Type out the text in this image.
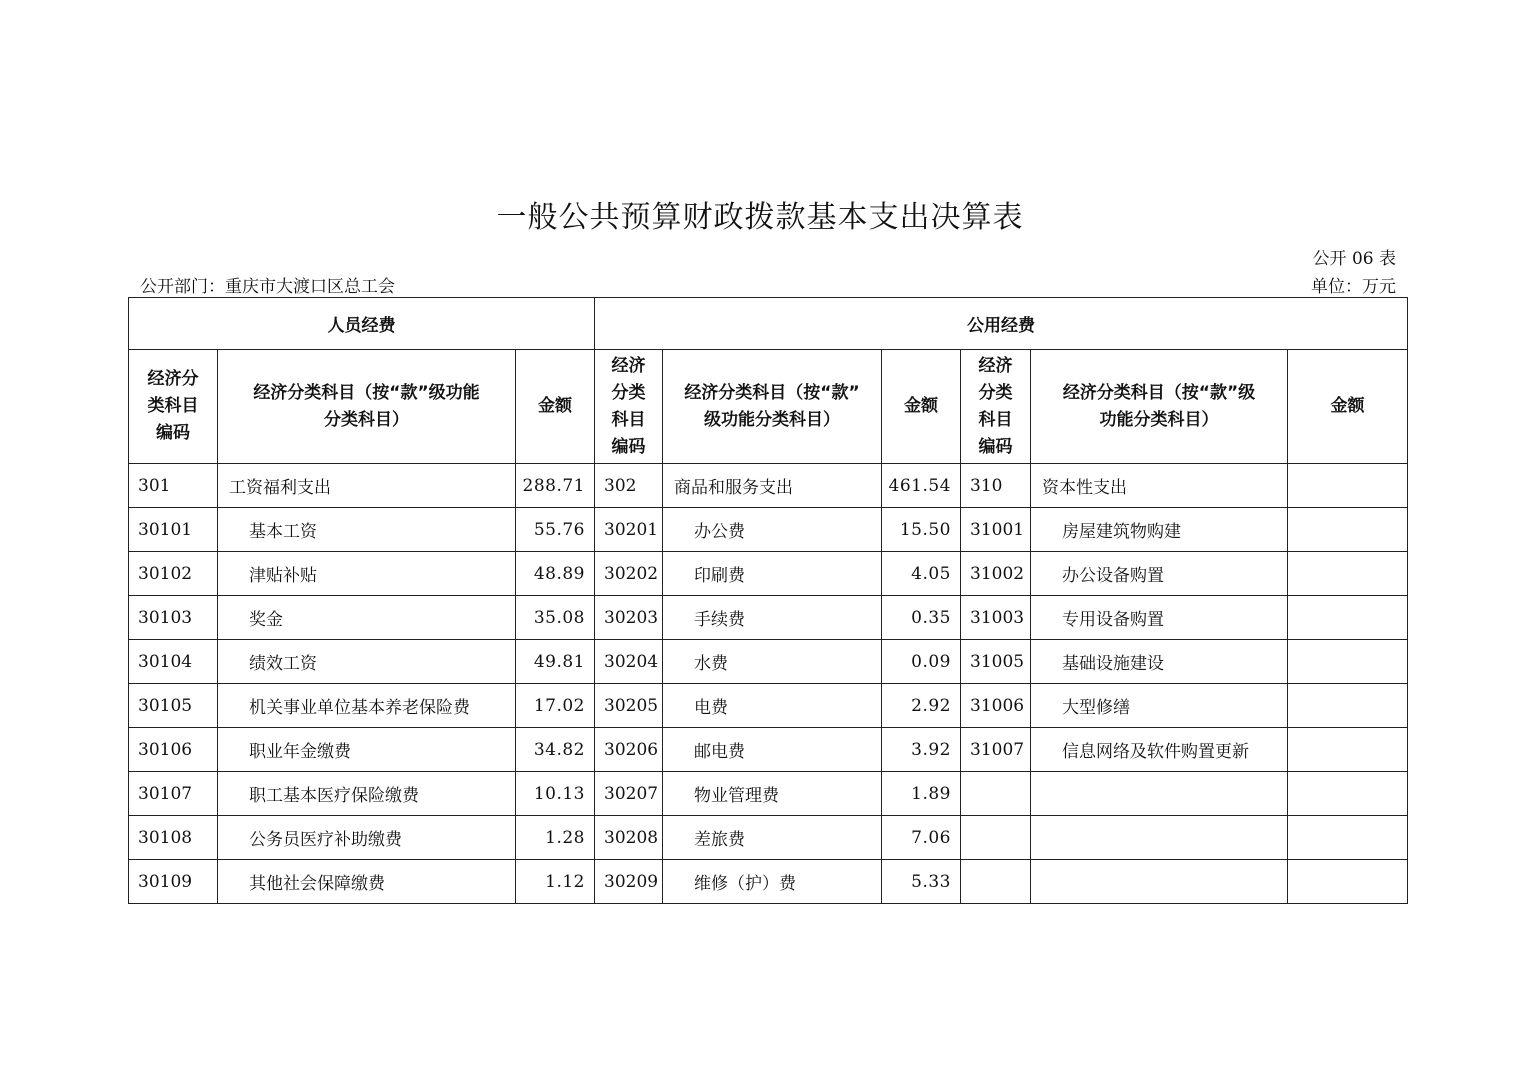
一般公共预算财政拨款基本支出决算表
公开 06 表
公开部门：重庆市大渡口区总工会	单位：万元
人员经费			公用经费					

经济分
类科目
编码	经济分类科目（按“款”级功能
分类科目）	金额	经济
分类
科目
编码	经济分类科目（按“款”
级功能分类科目）	金额	经济
分类
科目
编码	经济分类科目（按“款”级
功能分类科目）	金额
301	工资福利支出	288.71	302	商品和服务支出	461.54	310	资本性支出	
30101	基本工资	55.76	30201	办公费	15.50	31001	房屋建筑物购建	
30102	津贴补贴	48.89	30202	印刷费	4.05	31002	办公设备购置	
30103	奖金	35.08	30203	手续费	0.35	31003	专用设备购置	
30104	绩效工资	49.81	30204	水费	0.09	31005	基础设施建设	
30105	机关事业单位基本养老保险费	17.02	30205	电费	2.92	31006	大型修缮	
30106	职业年金缴费	34.82	30206	邮电费	3.92	31007	信息网络及软件购置更新	
30107	职工基本医疗保险缴费	10.13	30207	物业管理费	1.89			
30108	公务员医疗补助缴费	1.28	30208	差旅费	7.06			
30109	其他社会保障缴费	1.12	30209	维修（护）费	5.33			
